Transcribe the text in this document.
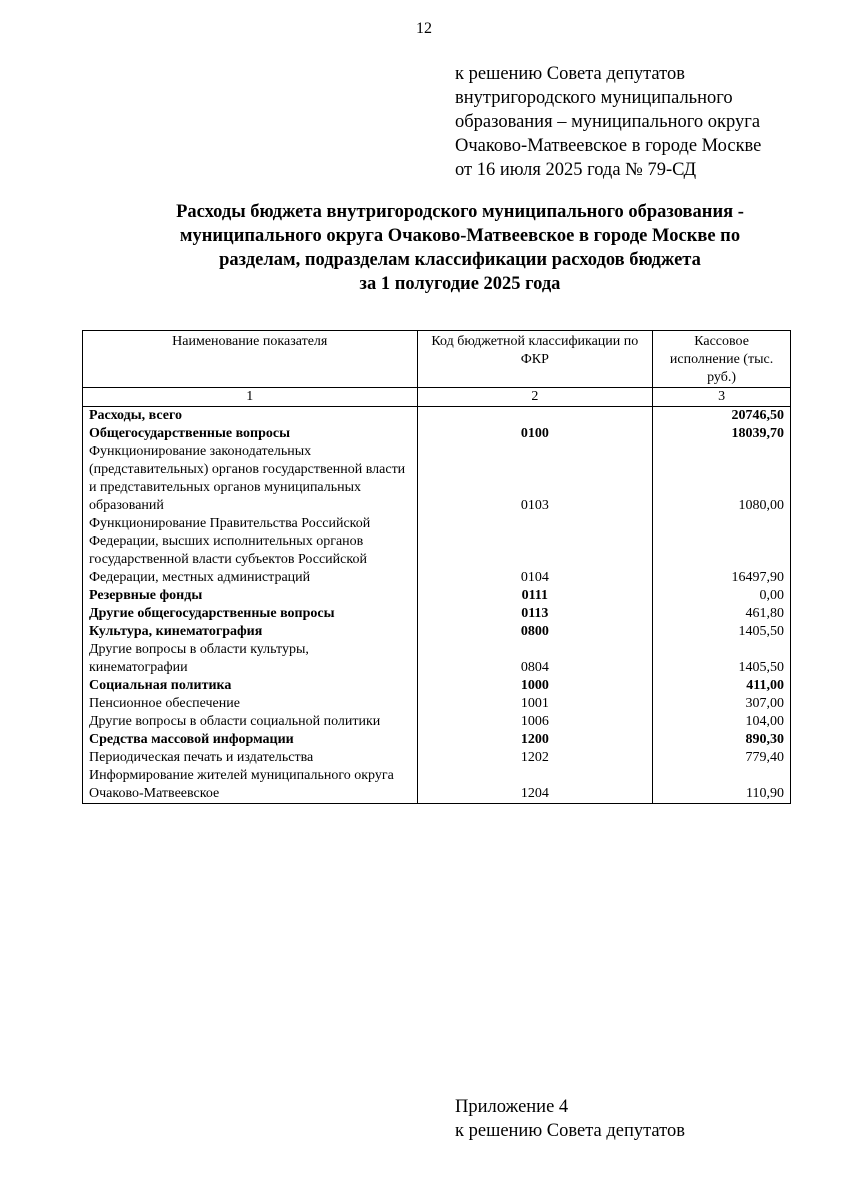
12
к решению Совета депутатов
внутригородского муниципального
образования – муниципального округа
Очаково-Матвеевское в городе Москве
от 16 июля 2025 года № 79-СД
Расходы бюджета внутригородского муниципального образования -
муниципального округа Очаково-Матвеевское в городе Москве по
разделам, подразделам классификации расходов бюджета
за 1 полугодие 2025 года
Наименование показателя	Код бюджетной классификации по ФКР	Кассовое исполнение (тыс. руб.)
1	2	3
Расходы, всего		20746,50
Общегосударственные вопросы	0100	18039,70
Функционирование законодательных (представительных) органов государственной власти и представительных органов муниципальных образований	0103	1080,00
Функционирование Правительства Российской Федерации, высших исполнительных органов государственной власти субъектов Российской Федерации, местных администраций	0104	16497,90
Резервные фонды	0111	0,00
Другие общегосударственные вопросы	0113	461,80
Культура, кинематография	0800	1405,50
Другие вопросы в области культуры, кинематографии	0804	1405,50
Социальная политика	1000	411,00
Пенсионное обеспечение	1001	307,00
Другие вопросы в области социальной политики	1006	104,00
Средства массовой информации	1200	890,30
Периодическая печать и издательства	1202	779,40
Информирование жителей муниципального округа Очаково-Матвеевское	1204	110,90
Приложение 4
к решению Совета депутатов
